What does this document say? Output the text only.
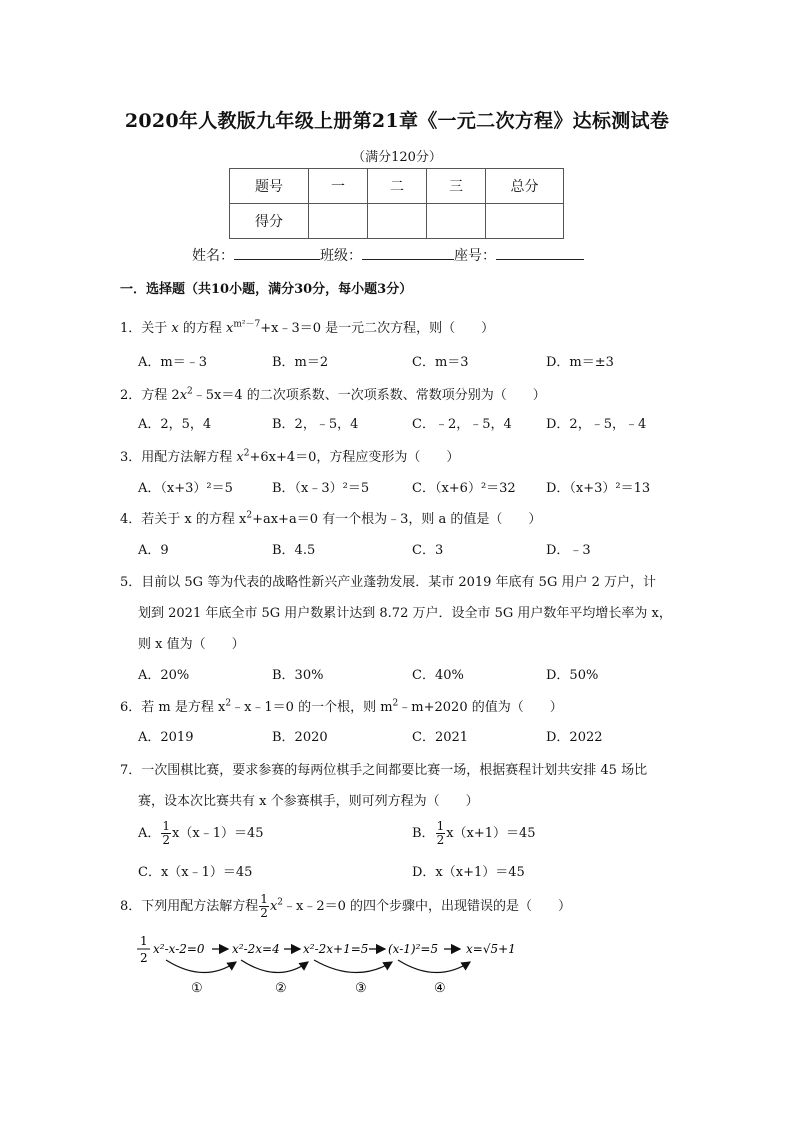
2020年人教版九年级上册第21章《一元二次方程》达标测试卷
（满分120分）
题号	一	二	三	总分
得分				
姓名：	班级：	座号：
一．选择题（共10小题，满分30分，每小题3分）
1．关于 x 的方程 $x^{m^2-7}+x﹣3=0$ 是一元二次方程，则（　　）
A．m＝﹣3	B．m＝2	C．m＝3	D．m＝±3
2．方程 $2x^2﹣5x=4$ 的二次项系数、一次项系数、常数项分别为（　　）
A．2，5，4	B．2，﹣5，4	C．﹣2，﹣5，4	D．2，﹣5，﹣4
3．用配方法解方程 $x^2+6x+4=0$，方程应变形为（　　）
A．（x+3）²＝5	B．（x﹣3）²＝5	C．（x+6）²＝32 D．（x+3）²＝13
4．若关于 x 的方程 $x^2+ax+a=0$ 有一个根为﹣3，则 a 的值是（　　）
A．9	B．4.5	C．3	D．﹣3
5．目前以 5G 等为代表的战略性新兴产业蓬勃发展．某市 2019 年底有 5G 用户 2 万户，计
划到 2021 年底全市 5G 用户数累计达到 8.72 万户．设全市 5G 用户数年平均增长率为 x，
则 x 值为（　　）
A．20%	B．30%	C．40%	D．50%
6．若 m 是方程 $x^2﹣x﹣1=0$ 的一个根，则 $m^2﹣m+2020$ 的值为（　　）
A．2019	B．2020	C．2021	D．2022
7．一次围棋比赛，要求参赛的每两位棋手之间都要比赛一场，根据赛程计划共安排 45 场比
赛，设本次比赛共有 x 个参赛棋手，则可列方程为（　　）
A． $\frac{1}{2}$ x（x﹣1）＝45	B． $\frac{1}{2} x(x+1)=45$
C．x（x﹣1）＝45	D．x（x+1）＝45
8．下列用配方法解方程 $\frac{1}{2}$ $x^2﹣x﹣2=0$ 的四个步骤中，出现错误的是（　　）
1
2
x²-x-2=0 x²-2x=4 x²-2x+1=5 (x-1)²=5 x=√5+1
①	②	③	④
